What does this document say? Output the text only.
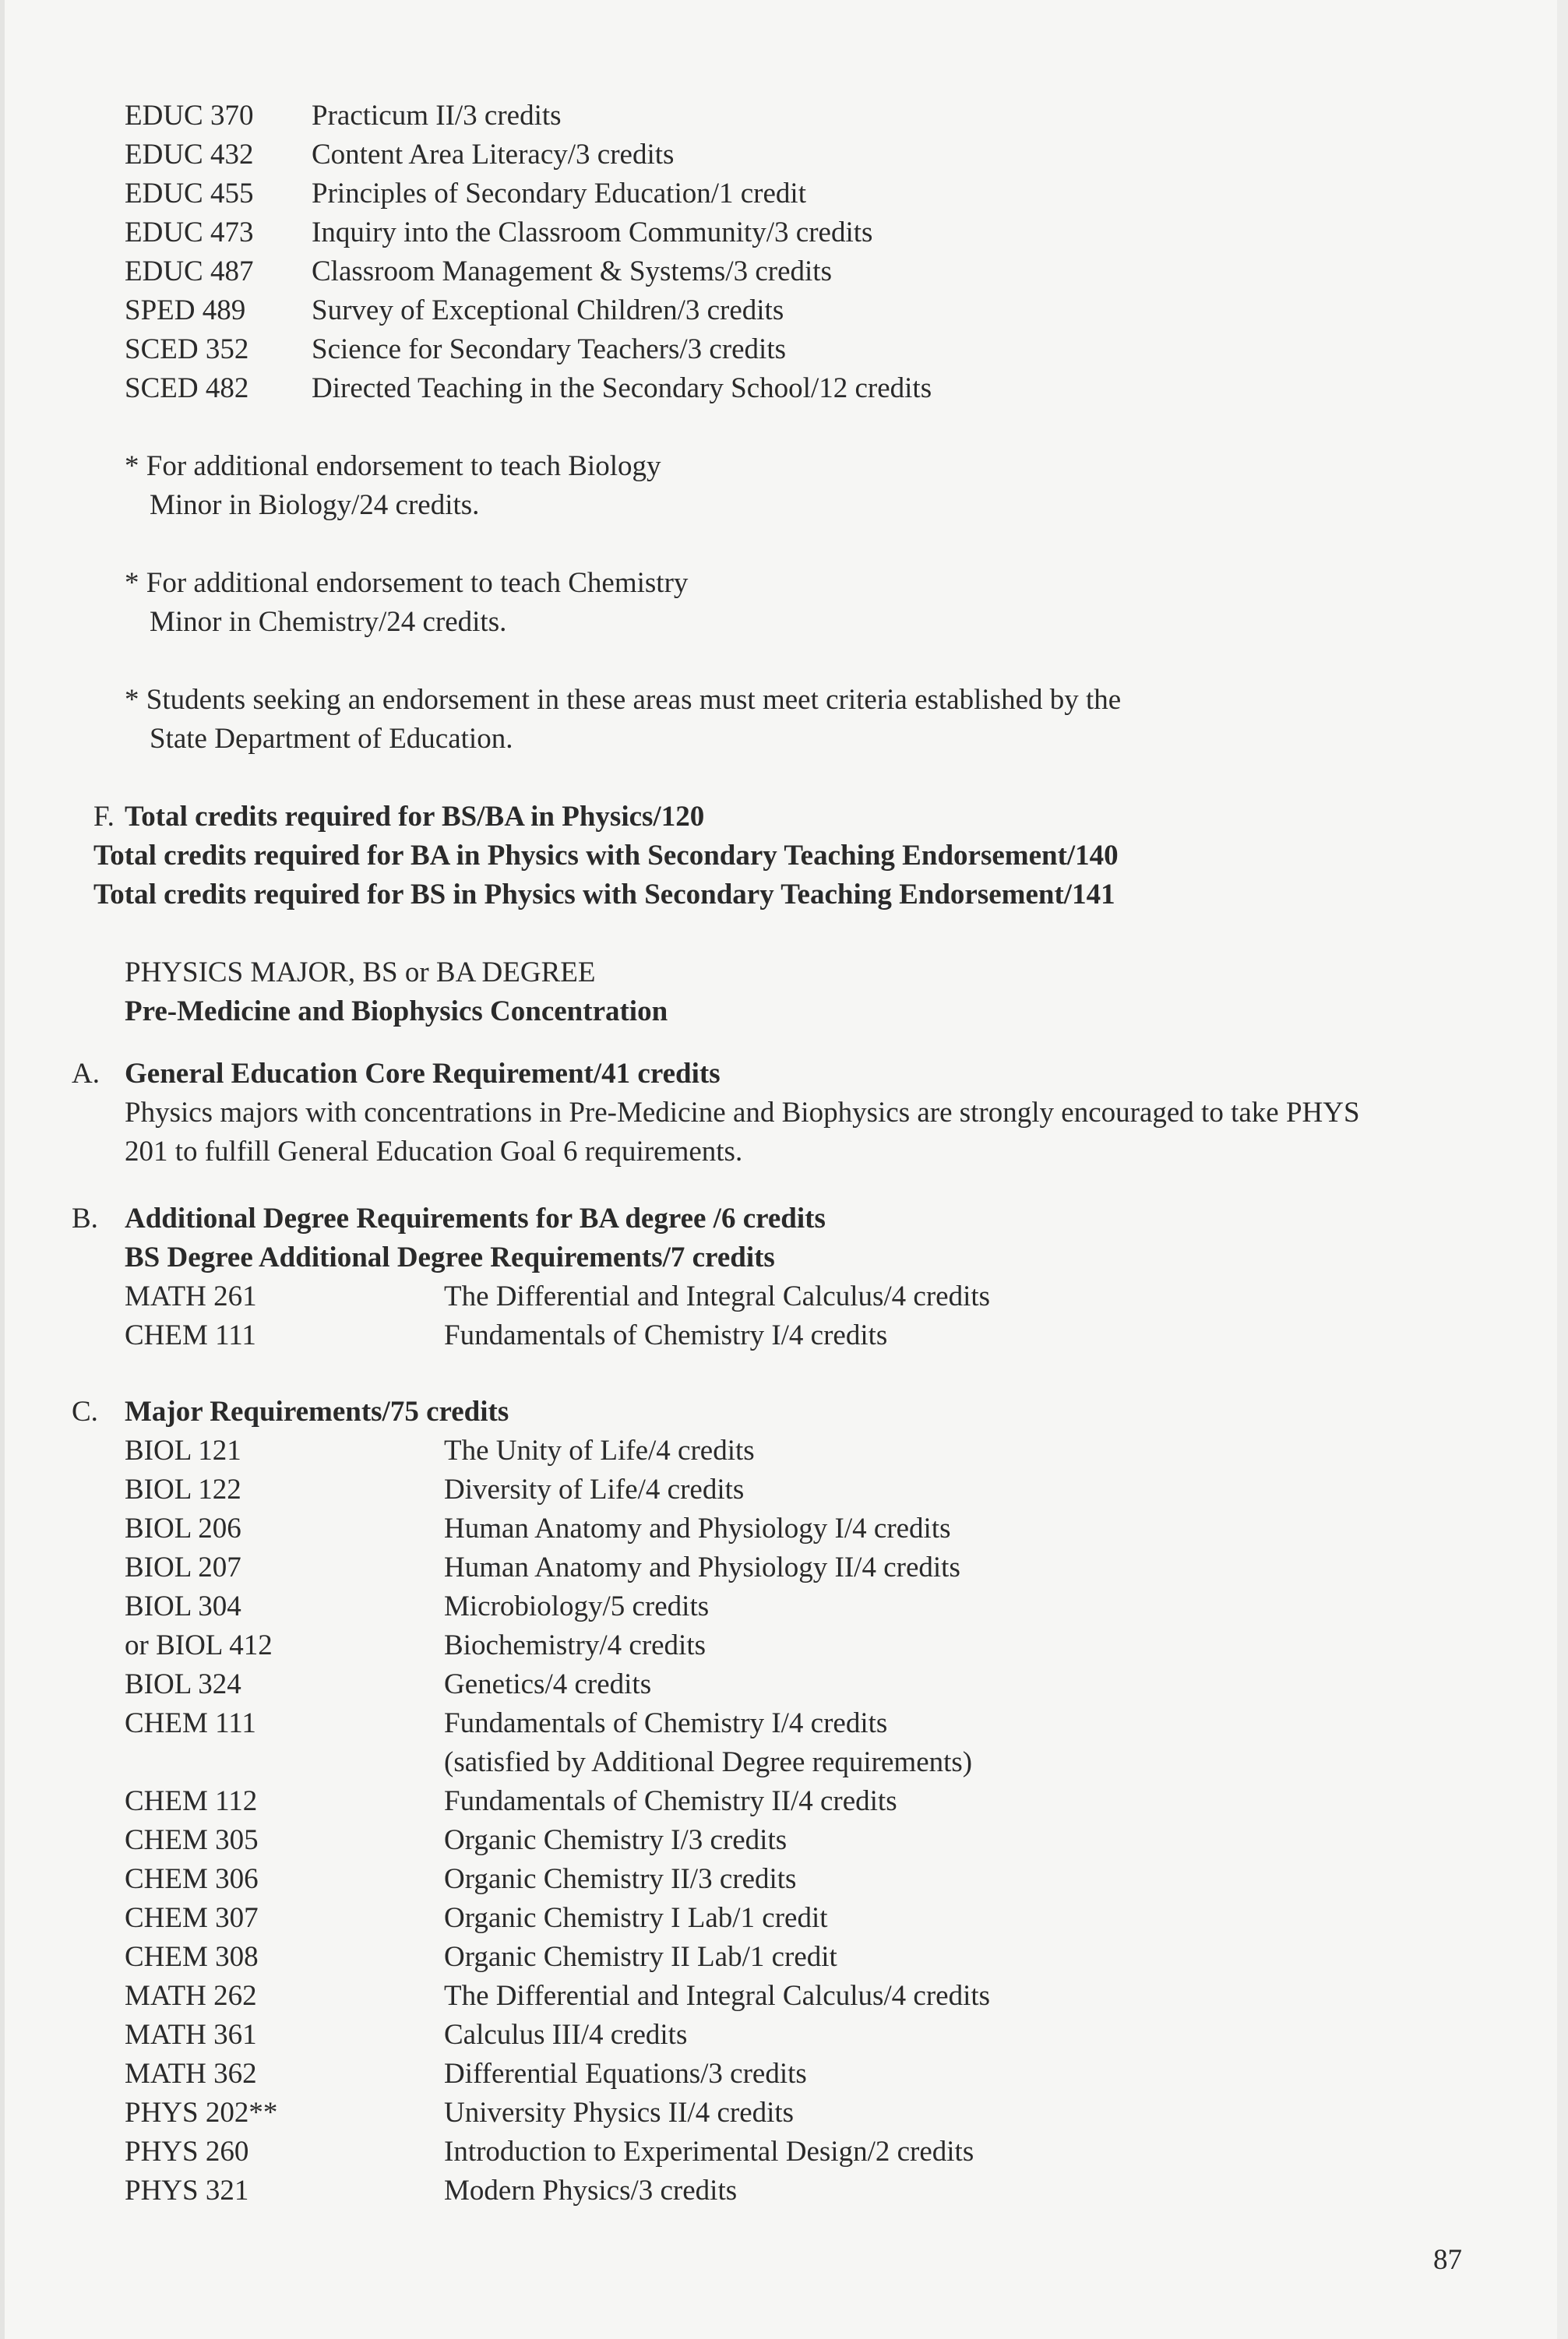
EDUC 370	Practicum II/3 credits
EDUC 432	Content Area Literacy/3 credits
EDUC 455	Principles of Secondary Education/1 credit
EDUC 473	Inquiry into the Classroom Community/3 credits
EDUC 487	Classroom Management & Systems/3 credits
SPED 489	Survey of Exceptional Children/3 credits
SCED 352	Science for Secondary Teachers/3 credits
SCED 482	Directed Teaching in the Secondary School/12 credits
* For additional endorsement to teach Biology
Minor in Biology/24 credits.
* For additional endorsement to teach Chemistry
Minor in Chemistry/24 credits.
* Students seeking an endorsement in these areas must meet criteria established by the
State Department of Education.
F. Total credits required for BS/BA in Physics/120
Total credits required for BA in Physics with Secondary Teaching Endorsement/140
Total credits required for BS in Physics with Secondary Teaching Endorsement/141
PHYSICS MAJOR, BS or BA DEGREE
Pre-Medicine and Biophysics Concentration
A. General Education Core Requirement/41 credits
Physics majors with concentrations in Pre-Medicine and Biophysics are strongly encouraged to take PHYS
201 to fulfill General Education Goal 6 requirements.
B. Additional Degree Requirements for BA degree /6 credits
BS Degree Additional Degree Requirements/7 credits
MATH 261	The Differential and Integral Calculus/4 credits
CHEM 111	Fundamentals of Chemistry I/4 credits
C. Major Requirements/75 credits
BIOL 121	The Unity of Life/4 credits
BIOL 122	Diversity of Life/4 credits
BIOL 206	Human Anatomy and Physiology I/4 credits
BIOL 207	Human Anatomy and Physiology II/4 credits
BIOL 304	Microbiology/5 credits
or BIOL 412	Biochemistry/4 credits
BIOL 324	Genetics/4 credits
CHEM 111	Fundamentals of Chemistry I/4 credits
(satisfied by Additional Degree requirements)
CHEM 112	Fundamentals of Chemistry II/4 credits
CHEM 305	Organic Chemistry I/3 credits
CHEM 306	Organic Chemistry II/3 credits
CHEM 307	Organic Chemistry I Lab/1 credit
CHEM 308	Organic Chemistry II Lab/1 credit
MATH 262	The Differential and Integral Calculus/4 credits
MATH 361	Calculus III/4 credits
MATH 362	Differential Equations/3 credits
PHYS 202**	University Physics II/4 credits
PHYS 260	Introduction to Experimental Design/2 credits
PHYS 321	Modern Physics/3 credits
87
